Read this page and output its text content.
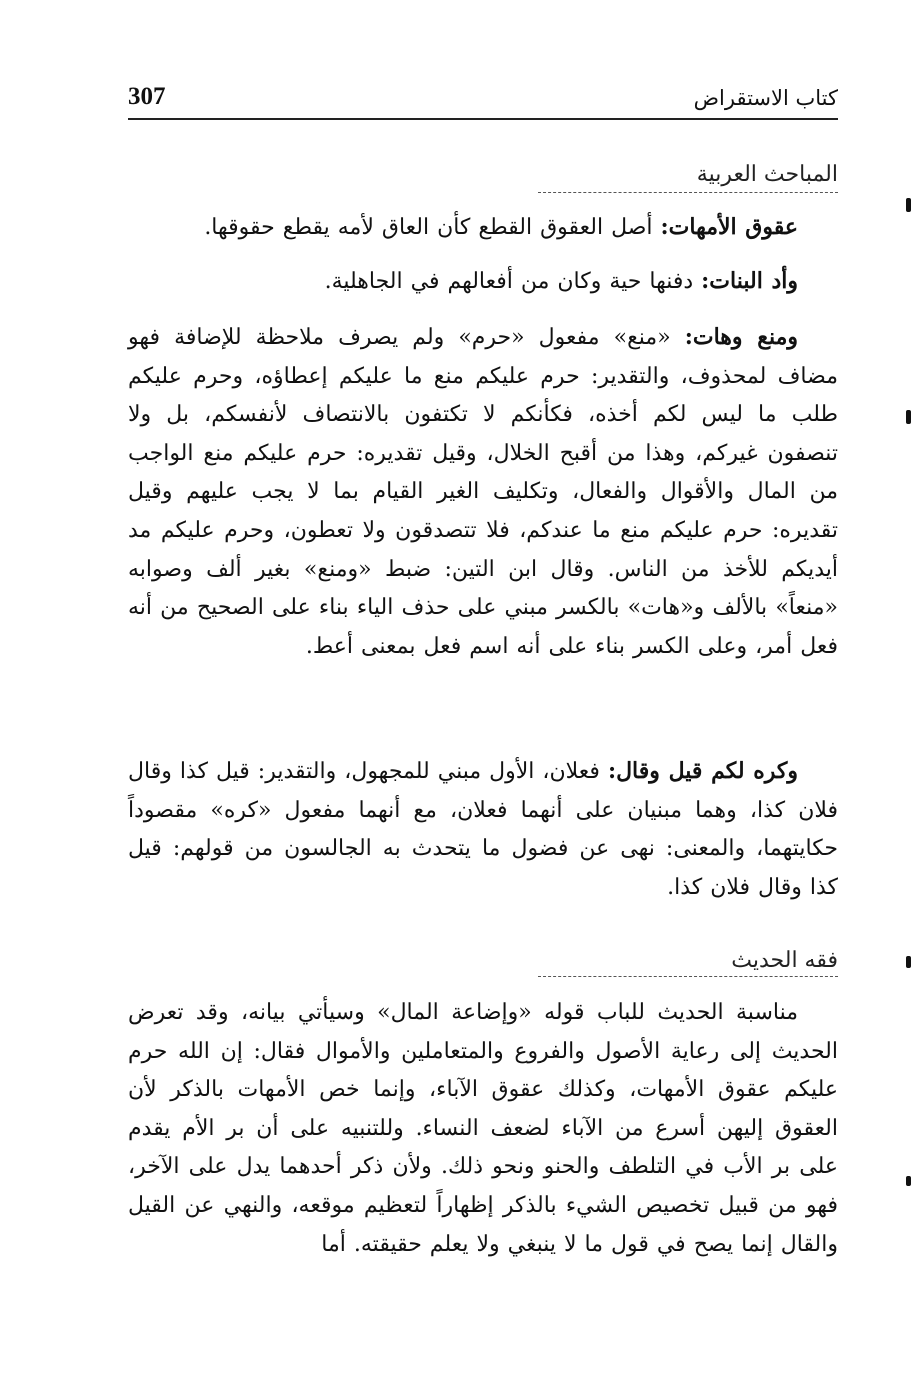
307	كتاب الاستقراض
المباحث العربية

عقوق الأمهات: أصل العقوق القطع كأن العاق لأمه يقطع حقوقها.

وأد البنات: دفنها حية وكان من أفعالهم في الجاهلية.

ومنع وهات: «منع» مفعول «حرم» ولم يصرف ملاحظة للإضافة فهو مضاف لمحذوف، والتقدير: حرم عليكم منع ما عليكم إعطاؤه، وحرم عليكم طلب ما ليس لكم أخذه، فكأنكم لا تكتفون بالانتصاف لأنفسكم، بل ولا تنصفون غيركم، وهذا من أقبح الخلال، وقيل تقديره: حرم عليكم منع الواجب من المال والأقوال والفعال، وتكليف الغير القيام بما لا يجب عليهم وقيل تقديره: حرم عليكم منع ما عندكم، فلا تتصدقون ولا تعطون، وحرم عليكم مد أيديكم للأخذ من الناس. وقال ابن التين: ضبط «ومنع» بغير ألف وصوابه «منعاً» بالألف و«هات» بالكسر مبني على حذف الياء بناء على الصحيح من أنه فعل أمر، وعلى الكسر بناء على أنه اسم فعل بمعنى أعط.

وكره لكم قيل وقال: فعلان، الأول مبني للمجهول، والتقدير: قيل كذا وقال فلان كذا، وهما مبنيان على أنهما فعلان، مع أنهما مفعول «كره» مقصوداً حكايتهما، والمعنى: نهى عن فضول ما يتحدث به الجالسون من قولهم: قيل كذا وقال فلان كذا.

فقه الحديث

مناسبة الحديث للباب قوله «وإضاعة المال» وسيأتي بيانه، وقد تعرض الحديث إلى رعاية الأصول والفروع والمتعاملين والأموال فقال: إن الله حرم عليكم عقوق الأمهات، وكذلك عقوق الآباء، وإنما خص الأمهات بالذكر لأن العقوق إليهن أسرع من الآباء لضعف النساء. وللتنبيه على أن بر الأم يقدم على بر الأب في التلطف والحنو ونحو ذلك. ولأن ذكر أحدهما يدل على الآخر، فهو من قبيل تخصيص الشيء بالذكر إظهاراً لتعظيم موقعه، والنهي عن القيل والقال إنما يصح في قول ما لا ينبغي ولا يعلم حقيقته. أما
